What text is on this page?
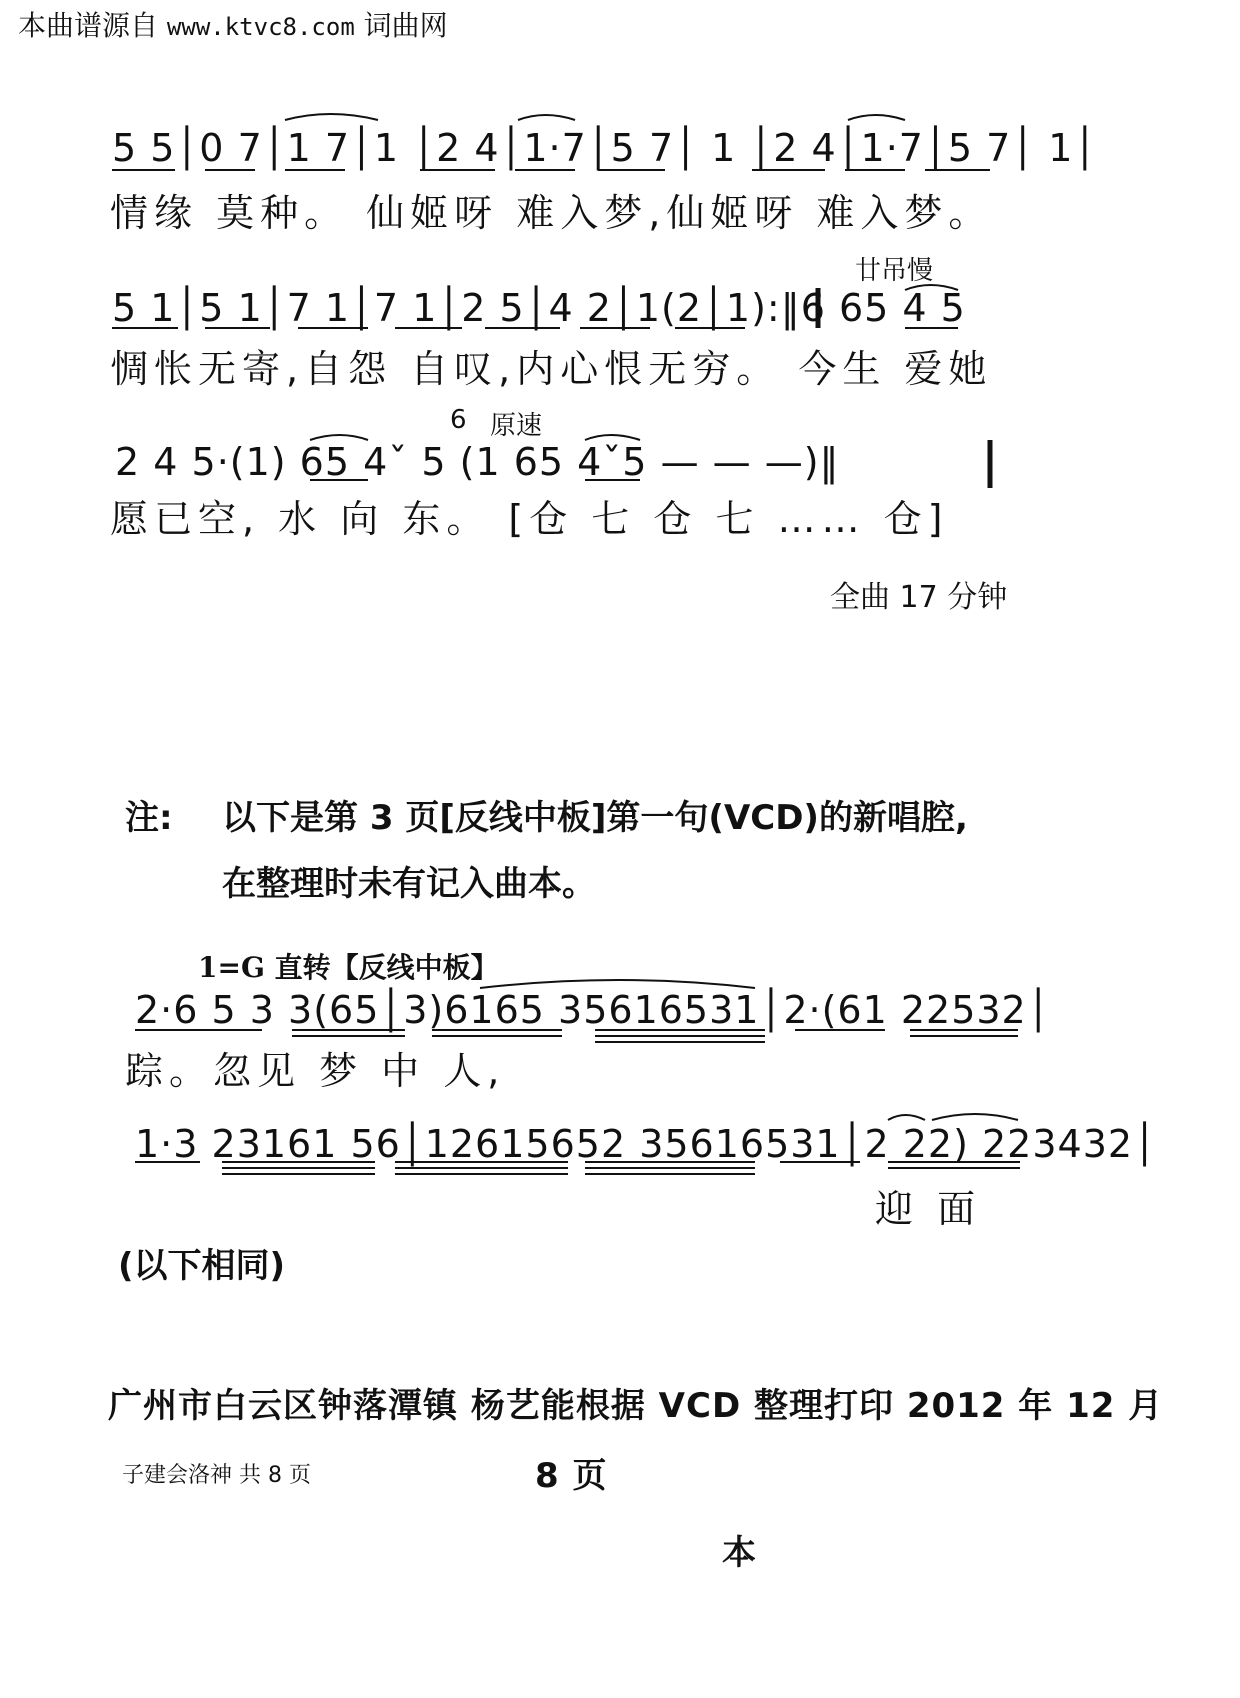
本曲谱源自 www.ktvc8.com 词曲网
5 5│0 7│1 7│1 │2 4│1·7│5 7│ 1 │2 4│1·7│5 7│ 1│
情缘 莫种。 仙姬呀 难入梦,仙姬呀 难入梦。
廿吊慢
5 1│5 1│7 1│7 1│2 5│4 2│1(2│1):‖6 65 4 5
惆怅无寄,自怨 自叹,内心恨无穷。 今生 爱她
6 原速
2 4 5·(1) 65 4ˇ 5 (1 65 4ˇ5 — — —)‖
愿已空, 水 向 东。 [仓 七 仓 七 …… 仓]
全曲 17 分钟
注: 以下是第 3 页[反线中板]第一句(VCD)的新唱腔,
在整理时未有记入曲本。
1=G 直转【反线中板】
2·6 5 3 3(65│3)6165 35616531│2·(61 22532│
踪。忽见 梦 中 人,
1·3 23161 56│12615652 35616531│2 22) 223432│
迎 面
(以下相同)
广州市白云区钟落潭镇 杨艺能根据 VCD 整理打印 2012 年 12 月
子建会洛神 共 8 页	8 页
本
